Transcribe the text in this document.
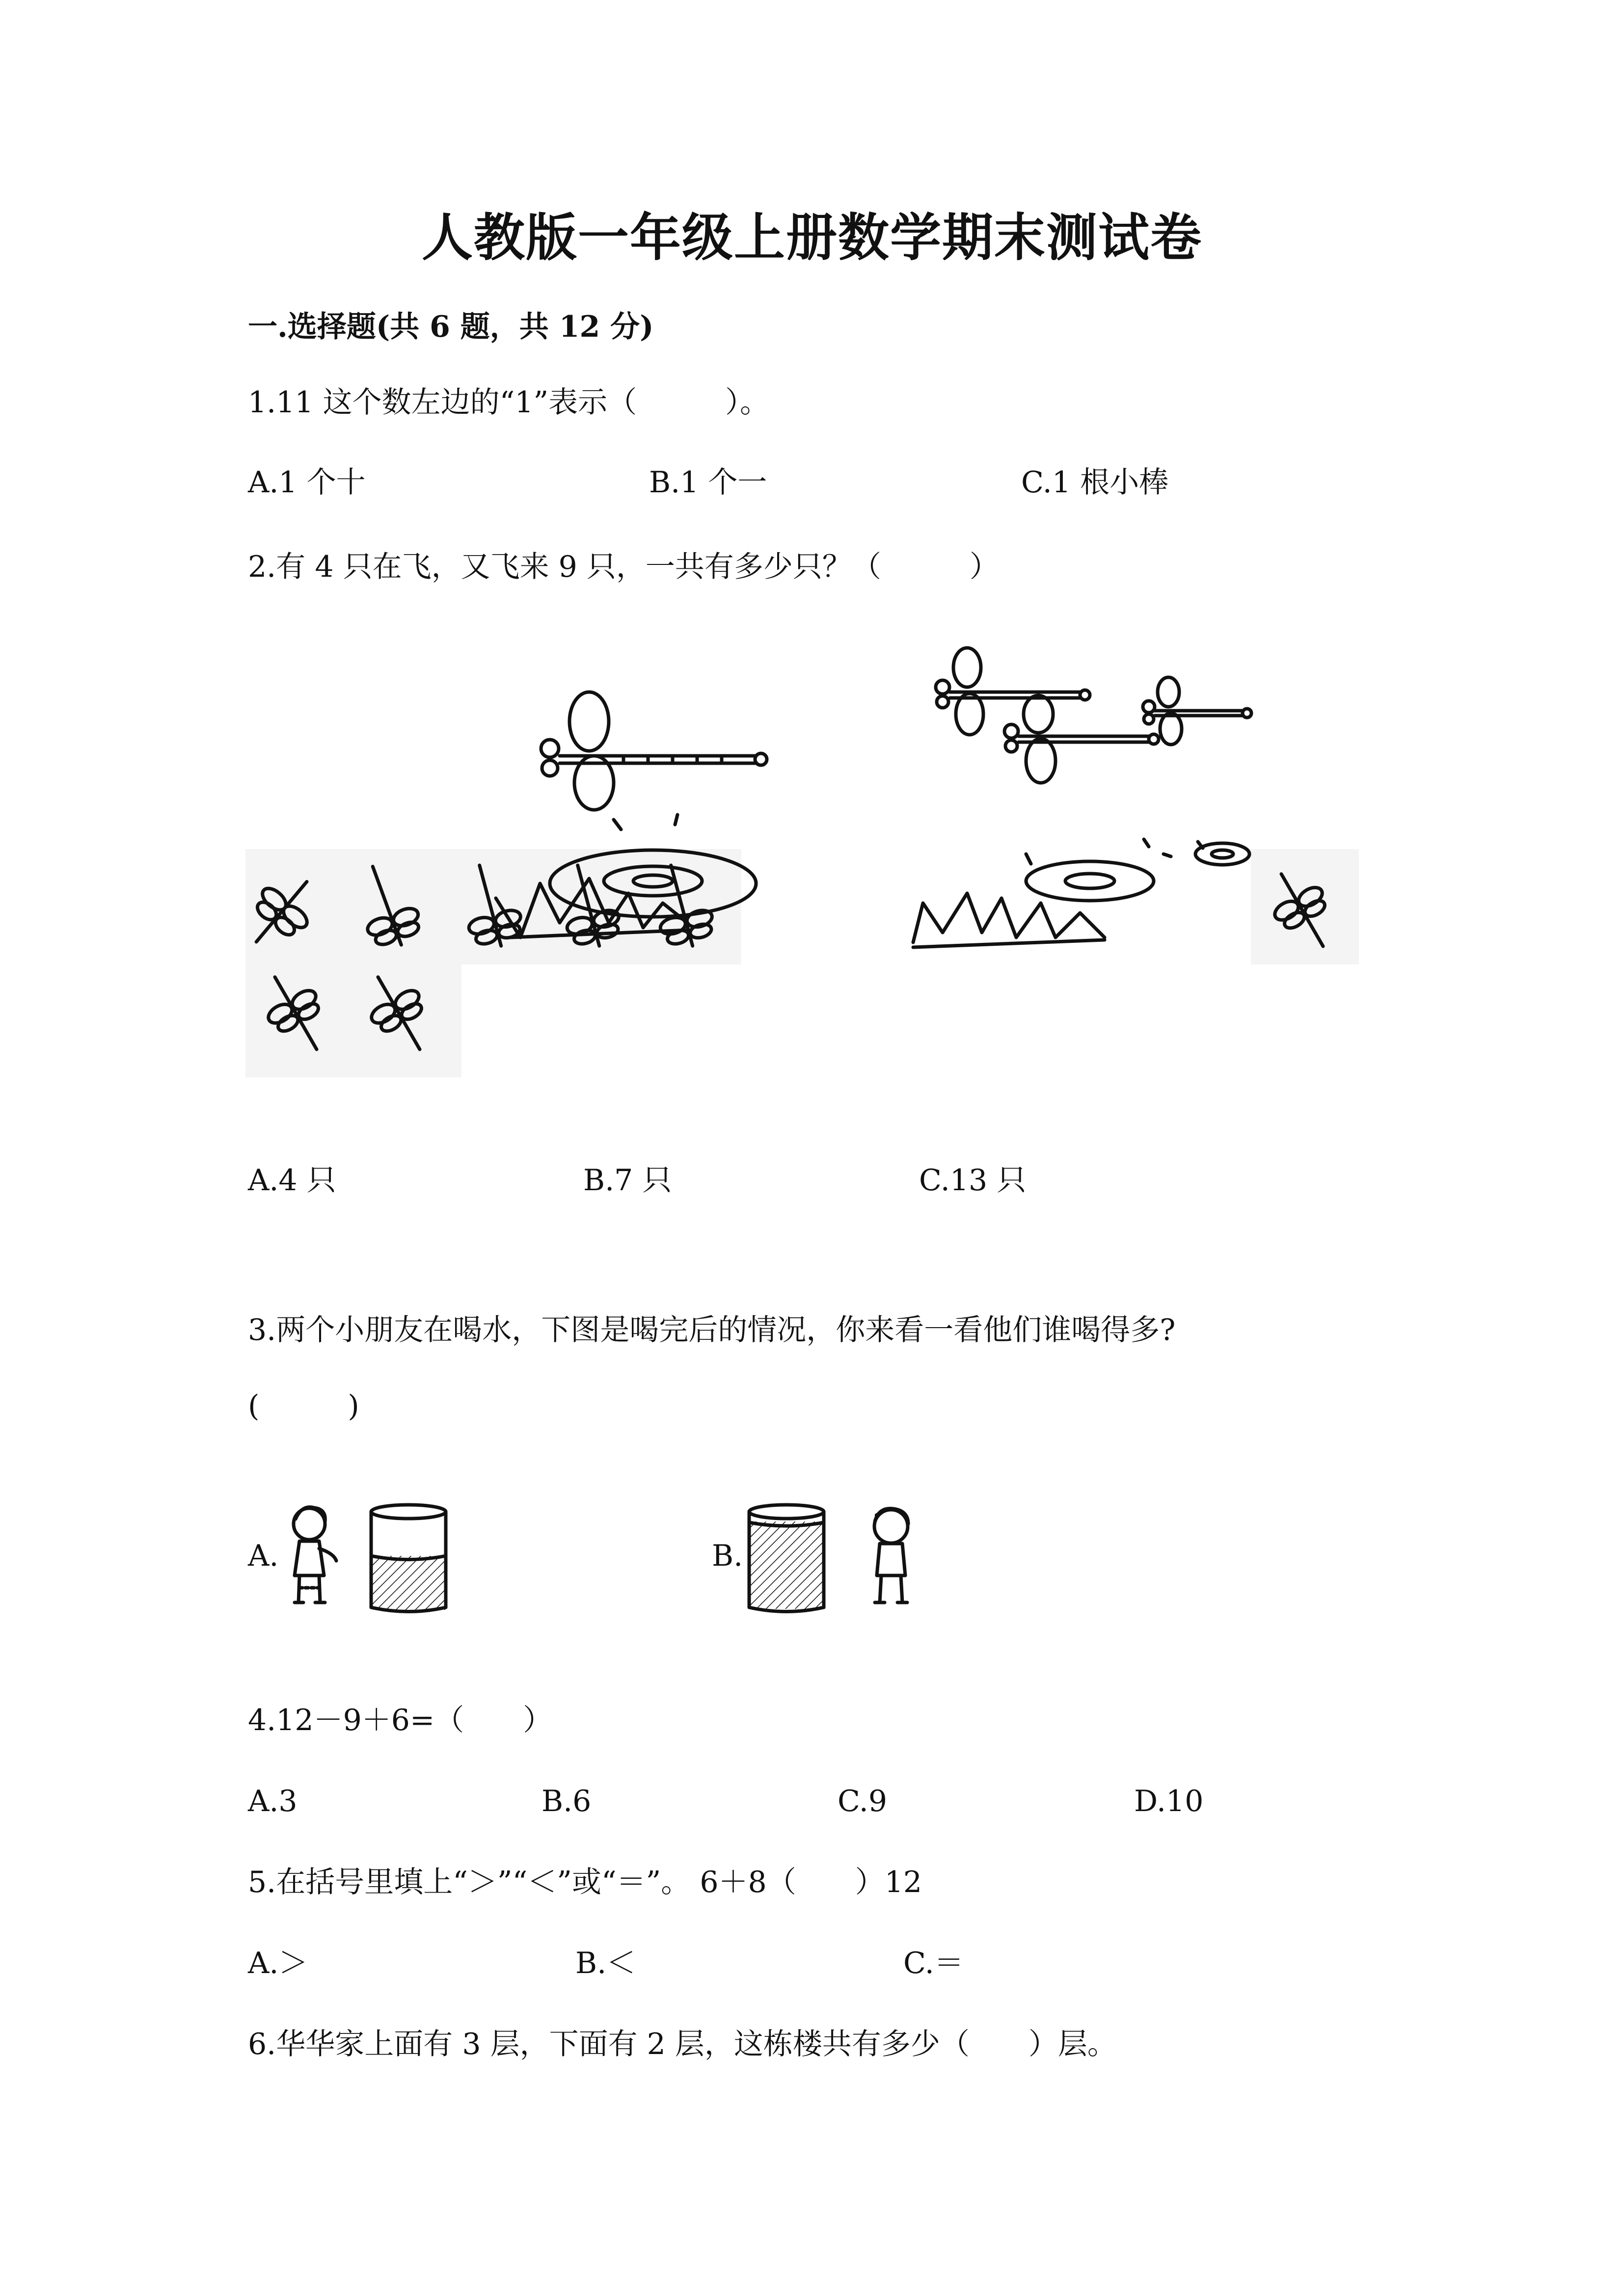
人教版一年级上册数学期末测试卷
一.选择题(共 6 题，共 12 分)
1.11 这个数左边的“1”表示（　　　）。
A.1 个十	B.1 个一	C.1 根小棒
2.有 4 只在飞，又飞来 9 只，一共有多少只？（　　　）
A.4 只	B.7 只	C.13 只
3.两个小朋友在喝水，下图是喝完后的情况，你来看一看他们谁喝得多?
(　　　)
A.	B.
4.12－9＋6=（　　）
A.3	B.6	C.9	D.10
5.在括号里填上“＞”“＜”或“＝”。 6＋8（　　）12
A.＞	B.＜	C.＝
6.华华家上面有 3 层，下面有 2 层，这栋楼共有多少（　　）层。
